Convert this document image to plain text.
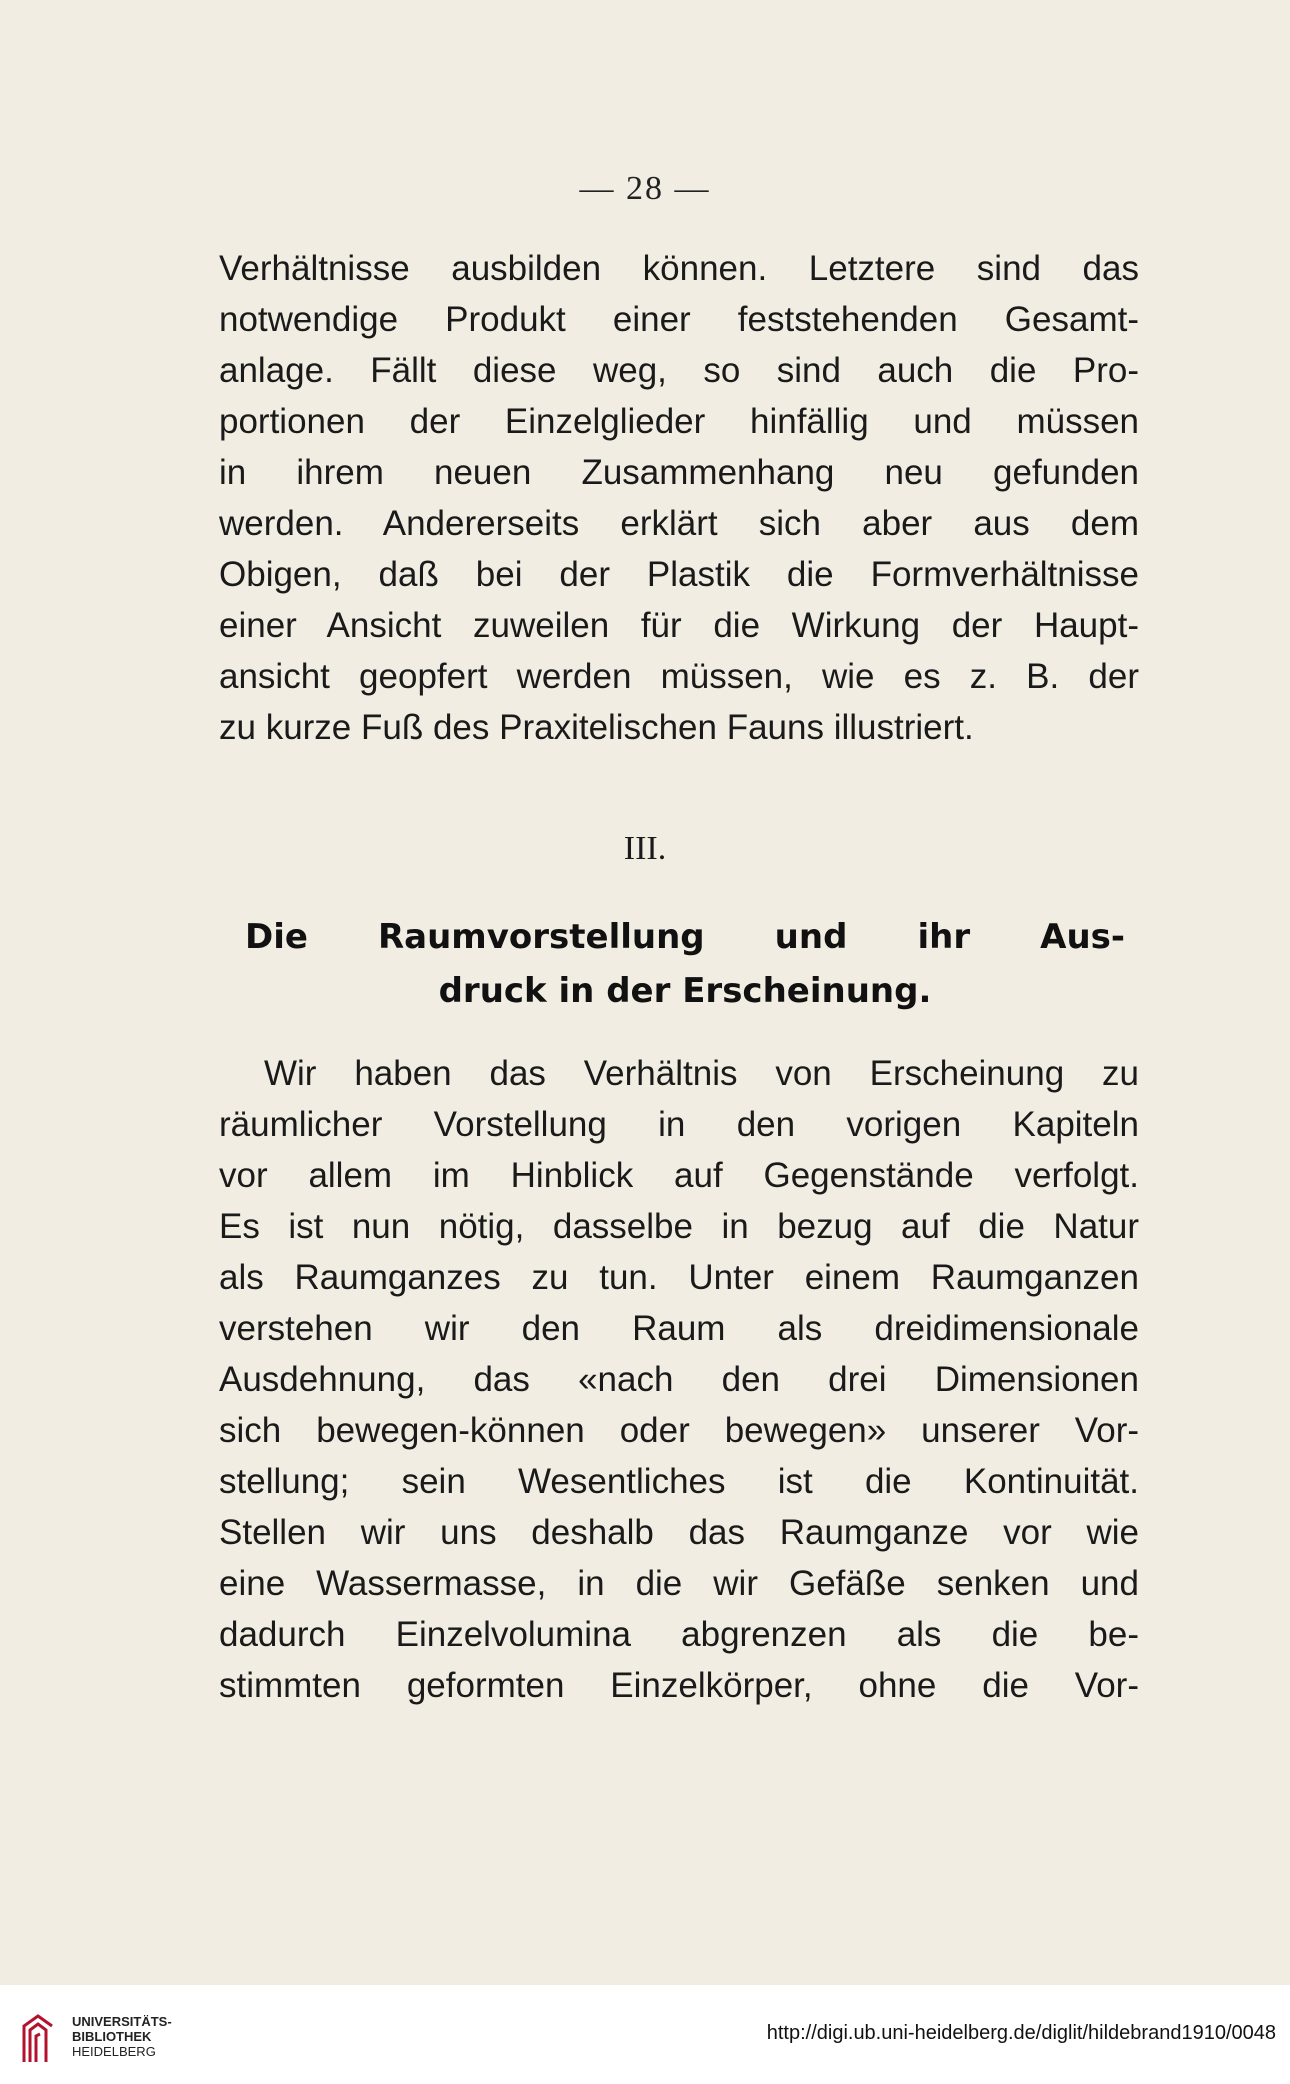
— 28 —
Verhältnisse ausbilden können. Letztere sind das
notwendige Produkt einer feststehenden Gesamt-
anlage. Fällt diese weg, so sind auch die Pro-
portionen der Einzelglieder hinfällig und müssen
in ihrem neuen Zusammenhang neu gefunden
werden. Andererseits erklärt sich aber aus dem
Obigen, daß bei der Plastik die Formverhältnisse
einer Ansicht zuweilen für die Wirkung der Haupt-
ansicht geopfert werden müssen, wie es z. B. der
zu kurze Fuß des Praxitelischen Fauns illustriert.
III.
Die Raumvorstellung und ihr Aus-
druck in der Erscheinung.
Wir haben das Verhältnis von Erscheinung zu
räumlicher Vorstellung in den vorigen Kapiteln
vor allem im Hinblick auf Gegenstände verfolgt.
Es ist nun nötig, dasselbe in bezug auf die Natur
als Raumganzes zu tun. Unter einem Raumganzen
verstehen wir den Raum als dreidimensionale
Ausdehnung, das «nach den drei Dimensionen
sich bewegen-können oder bewegen» unserer Vor-
stellung; sein Wesentliches ist die Kontinuität.
Stellen wir uns deshalb das Raumganze vor wie
eine Wassermasse, in die wir Gefäße senken und
dadurch Einzelvolumina abgrenzen als die be-
stimmten geformten Einzelkörper, ohne die Vor-
UNIVERSITÄTS-
BIBLIOTHEK
HEIDELBERG
http://digi.ub.uni-heidelberg.de/diglit/hildebrand1910/0048
